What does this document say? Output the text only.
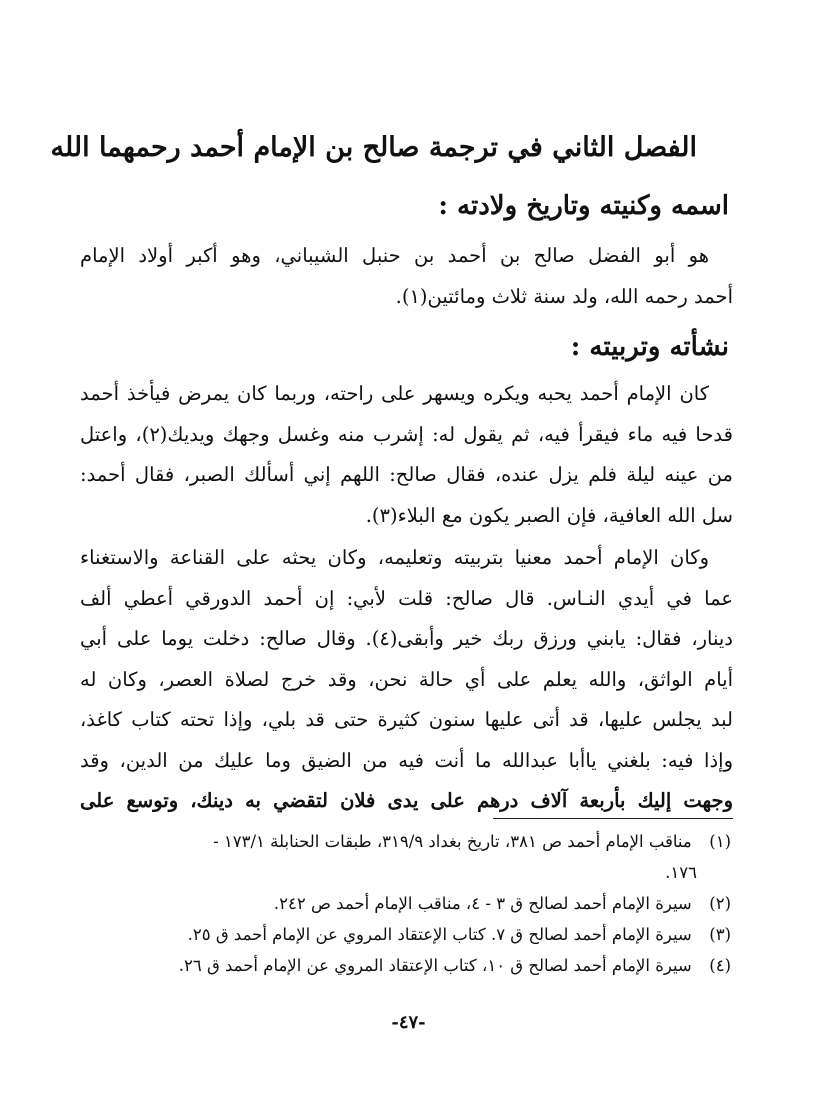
الفصل الثاني في ترجمة صالح بن الإمام أحمد رحمهما الله
اسمه وكنيته وتاريخ ولادته :

هو أبو الفضل صالح بن أحمد بن حنبل الشيباني، وهو أكبر أولاد الإمام
أحمد رحمه الله، ولد سنة ثلاث ومائتين(١).

نشأته وتربيته :

كان الإمام أحمد يحبه ويكره ويسهر على راحته، وربما كان يمرض فيأخذ أحمد
قدحا فيه ماء فيقرأ فيه، ثم يقول له: إشرب منه وغسل وجهك ويديك(٢)، واعتل
من عينه ليلة فلم يزل عنده، فقال صالح: اللهم إني أسألك الصبر، فقال أحمد:
سل الله العافية، فإن الصبر يكون مع البلاء(٣).

وكان الإمام أحمد معنيا بتربيته وتعليمه، وكان يحثه على القناعة والاستغناء
عما في أيدي النـاس. قال صالح: قلت لأبي: إن أحمد الدورقي أعطي ألف
دينار، فقال: يابني ورزق ربك خير وأبقى(٤). وقال صالح: دخلت يوما على أبي
أيام الواثق، والله يعلم على أي حالة نحن، وقد خرج لصلاة العصر، وكان له
لبد يجلس عليها، قد أتى عليها سنون كثيرة حتى قد بلي، وإذا تحته كتاب كاغذ،
وإذا فيه: بلغني ياأبا عبدالله ما أنت فيه من الضيق وما عليك من الدين، وقد
وجهت إليك بأربعة آلاف درهم على يدى فلان لتقضي به دينك، وتوسع على

(١) مناقب الإمام أحمد ص ٣٨١، تاريخ بغداد ٣١٩/٩، طبقات الحنابلة ١٧٣/١ -
١٧٦.
(٢) سيرة الإمام أحمد لصالح ق ٣ - ٤، مناقب الإمام أحمد ص ٢٤٢.
(٣) سيرة الإمام أحمد لصالح ق ٧. كتاب الإعتقاد المروي عن الإمام أحمد ق ٢٥.
(٤) سيرة الإمام أحمد لصالح ق ١٠، كتاب الإعتقاد المروي عن الإمام أحمد ق ٢٦.
-٤٧-
